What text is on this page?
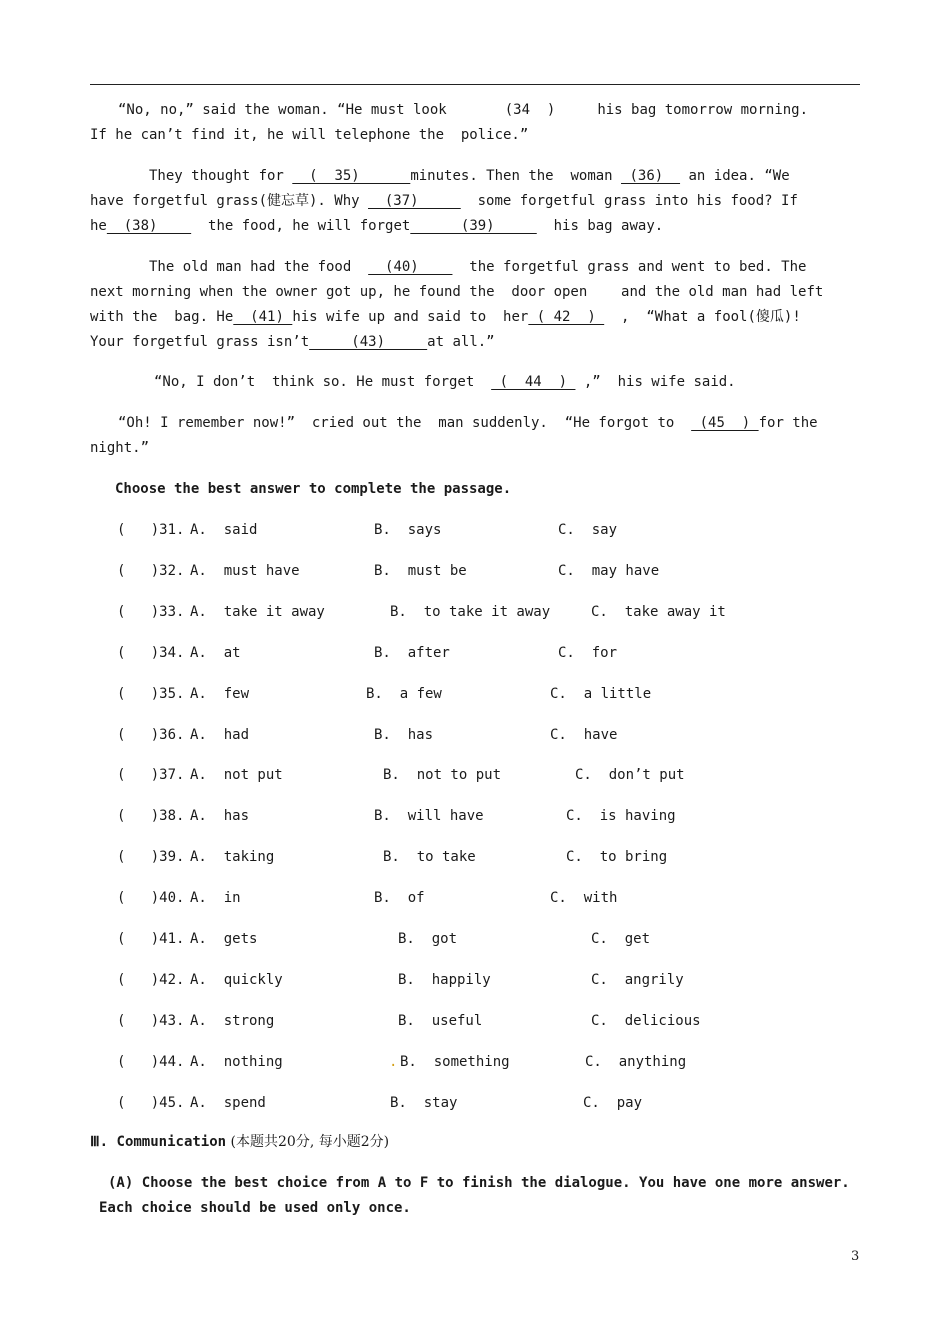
“No, no,” said the woman. “He must look	(34  )	his bag tomorrow morning.
If he can’t find it, he will telephone the  police.”
They thought for   (  35)      minutes. Then the  woman  (36)   an idea. “We
have forgetful grass(健忘草). Why   (37)       some forgetful grass into his food? If
he  (38)      the food, he will forget      (39)       his bag away.
The old man had the food    (40)      the forgetful grass and went to bed. The
next morning when the owner got up, he found the  door open    and the old man had left
with the  bag. He  (41) his wife up and said to  her ( 42  )   ,  “What a fool(傻瓜)!
Your forgetful grass isn’t     (43)     at all.”
“No, I don’t  think so. He must forget   (  44  )  ,”  his wife said.
“Oh! I remember now!”  cried out the  man suddenly.  “He forgot to   (45  ) for the
night.”
Choose the best answer to complete the passage.
(   )31. A.  said	B.  says	C.  say
(   )32. A.  must have	B.  must be	C.  may have
(   )33. A.  take it away	B.  to take it away	C.  take away it
(   )34. A.  at	B.  after	C.  for
(   )35. A.  few	B.  a few	C.  a little
(   )36. A.  had	B.  has	C.  have
(   )37. A.  not put	B.  not to put	C.  don’t put
(   )38. A.  has	B.  will have	C.  is having
(   )39. A.  taking	B.  to take	C.  to bring
(   )40. A.  in	B.  of	C.  with
(   )41. A.  gets	B.  got	C.  get
(   )42. A.  quickly	B.  happily	C.  angrily
(   )43. A.  strong	B.  useful	C.  delicious
(   )44. A.  nothing	B.  something	C.  anything
.
(   )45. A.  spend	B.  stay	C.  pay
Ⅲ. Communication (本题共20分, 每小题2分)
(A) Choose the best choice from A to F to finish the dialogue. You have one more answer.
Each choice should be used only once.
3
